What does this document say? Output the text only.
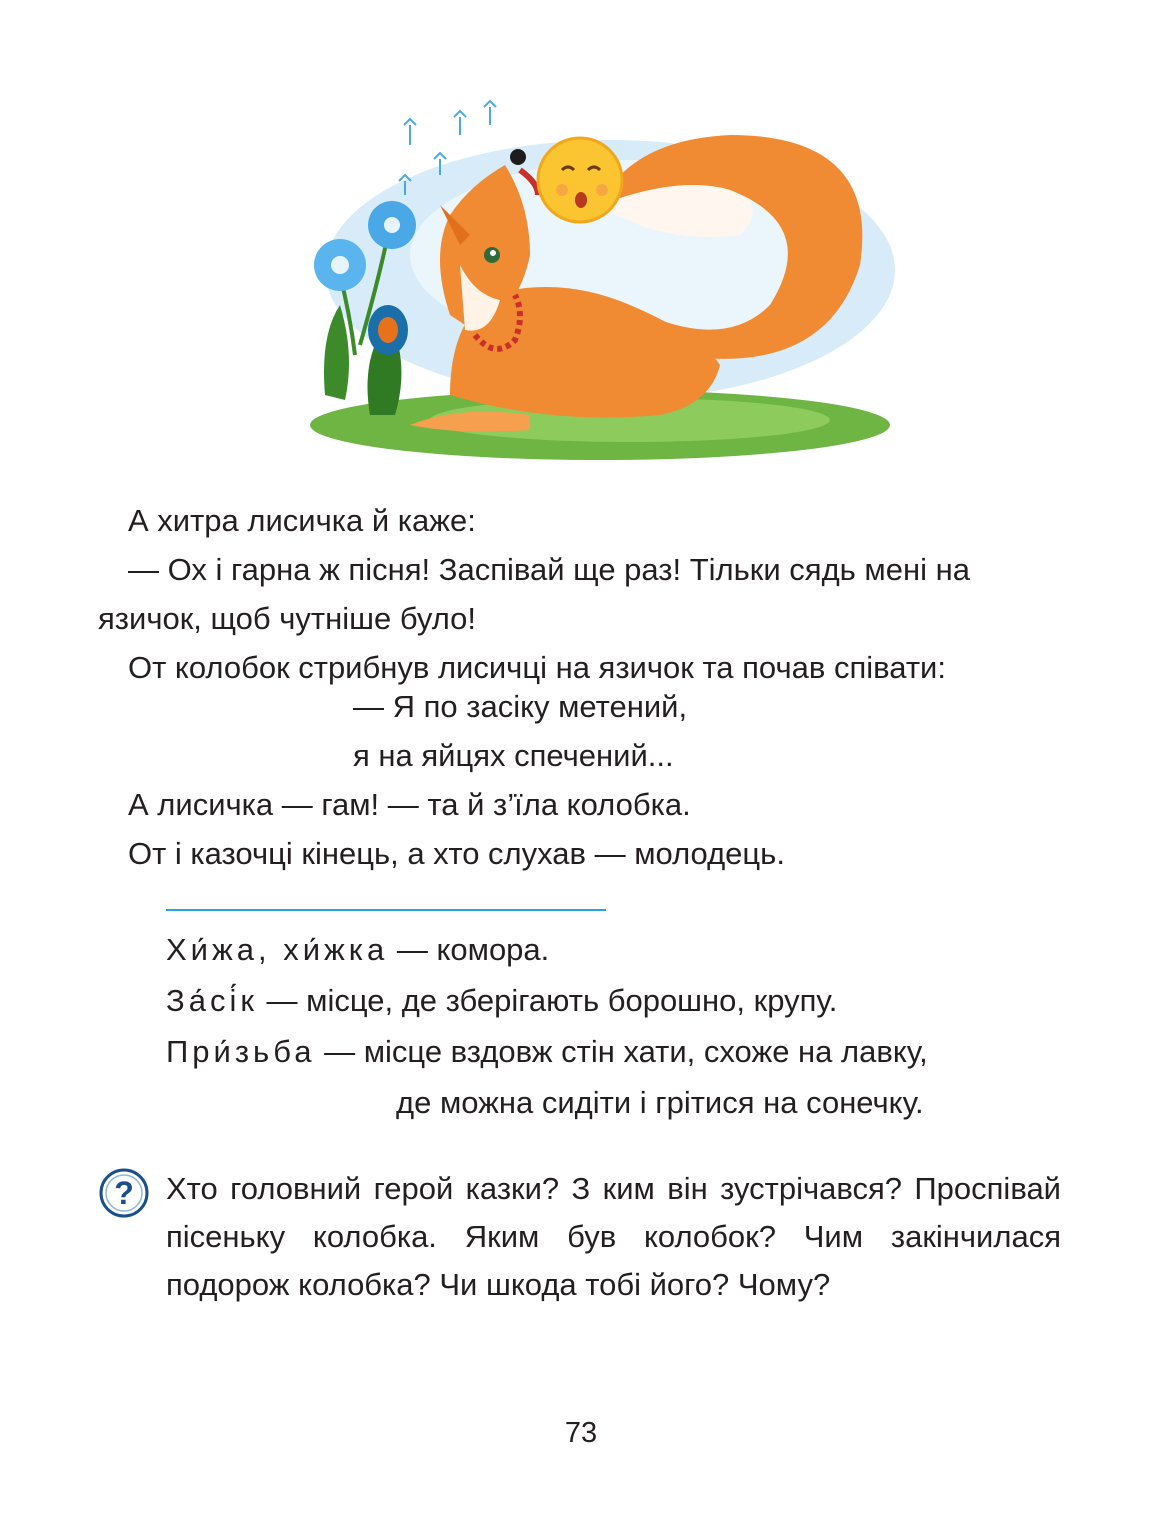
А хитра лисичка й каже:

— Ох і гарна ж пісня! Заспівай ще раз! Тільки сядь мені на язичок, щоб чутніше було!

От колобок стрибнув лисичці на язичок та почав співати:

— Я по засіку метений,

я на яйцях спечений...

А лисичка — гам! — та й з’їла колобка.

От і казочці кінець, а хто слухав — молодець.

Хи́жа, хи́жка — комора.

За́сі́к — місце, де зберігають борошно, крупу.

При́зьба — місце вздовж стін хати, схоже на лавку,

де можна сидіти і грітися на сонечку.

? Хто головний герой казки? З ким він зустрічався? Проспівай пісеньку колобка. Яким був колобок? Чим закінчилася подорож колобка? Чи шкода тобі його? Чому?
73
